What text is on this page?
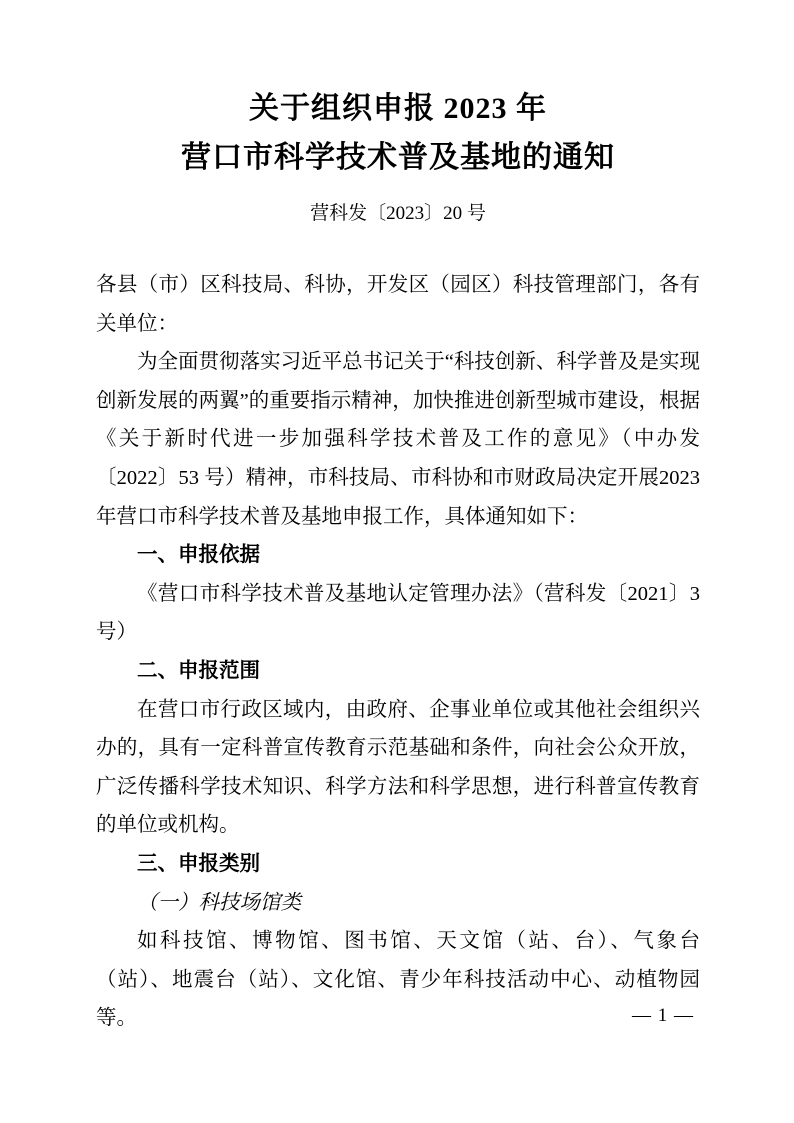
关于组织申报 2023 年
营口市科学技术普及基地的通知
营科发〔2023〕20 号

各县（市）区科技局、科协，开发区（园区）科技管理部门，各有关单位：

为全面贯彻落实习近平总书记关于“科技创新、科学普及是实现创新发展的两翼”的重要指示精神，加快推进创新型城市建设，根据《关于新时代进一步加强科学技术普及工作的意见》（中办发〔2022〕53 号）精神，市科技局、市科协和市财政局决定开展2023 年营口市科学技术普及基地申报工作，具体通知如下：

一、申报依据

《营口市科学技术普及基地认定管理办法》（营科发〔2021〕3号）

二、申报范围

在营口市行政区域内，由政府、企事业单位或其他社会组织兴办的，具有一定科普宣传教育示范基础和条件，向社会公众开放，广泛传播科学技术知识、科学方法和科学思想，进行科普宣传教育的单位或机构。

三、申报类别
（一）科技场馆类

如科技馆、博物馆、图书馆、天文馆（站、台）、气象台（站）、地震台（站）、文化馆、青少年科技活动中心、动植物园等。	— 1 —
